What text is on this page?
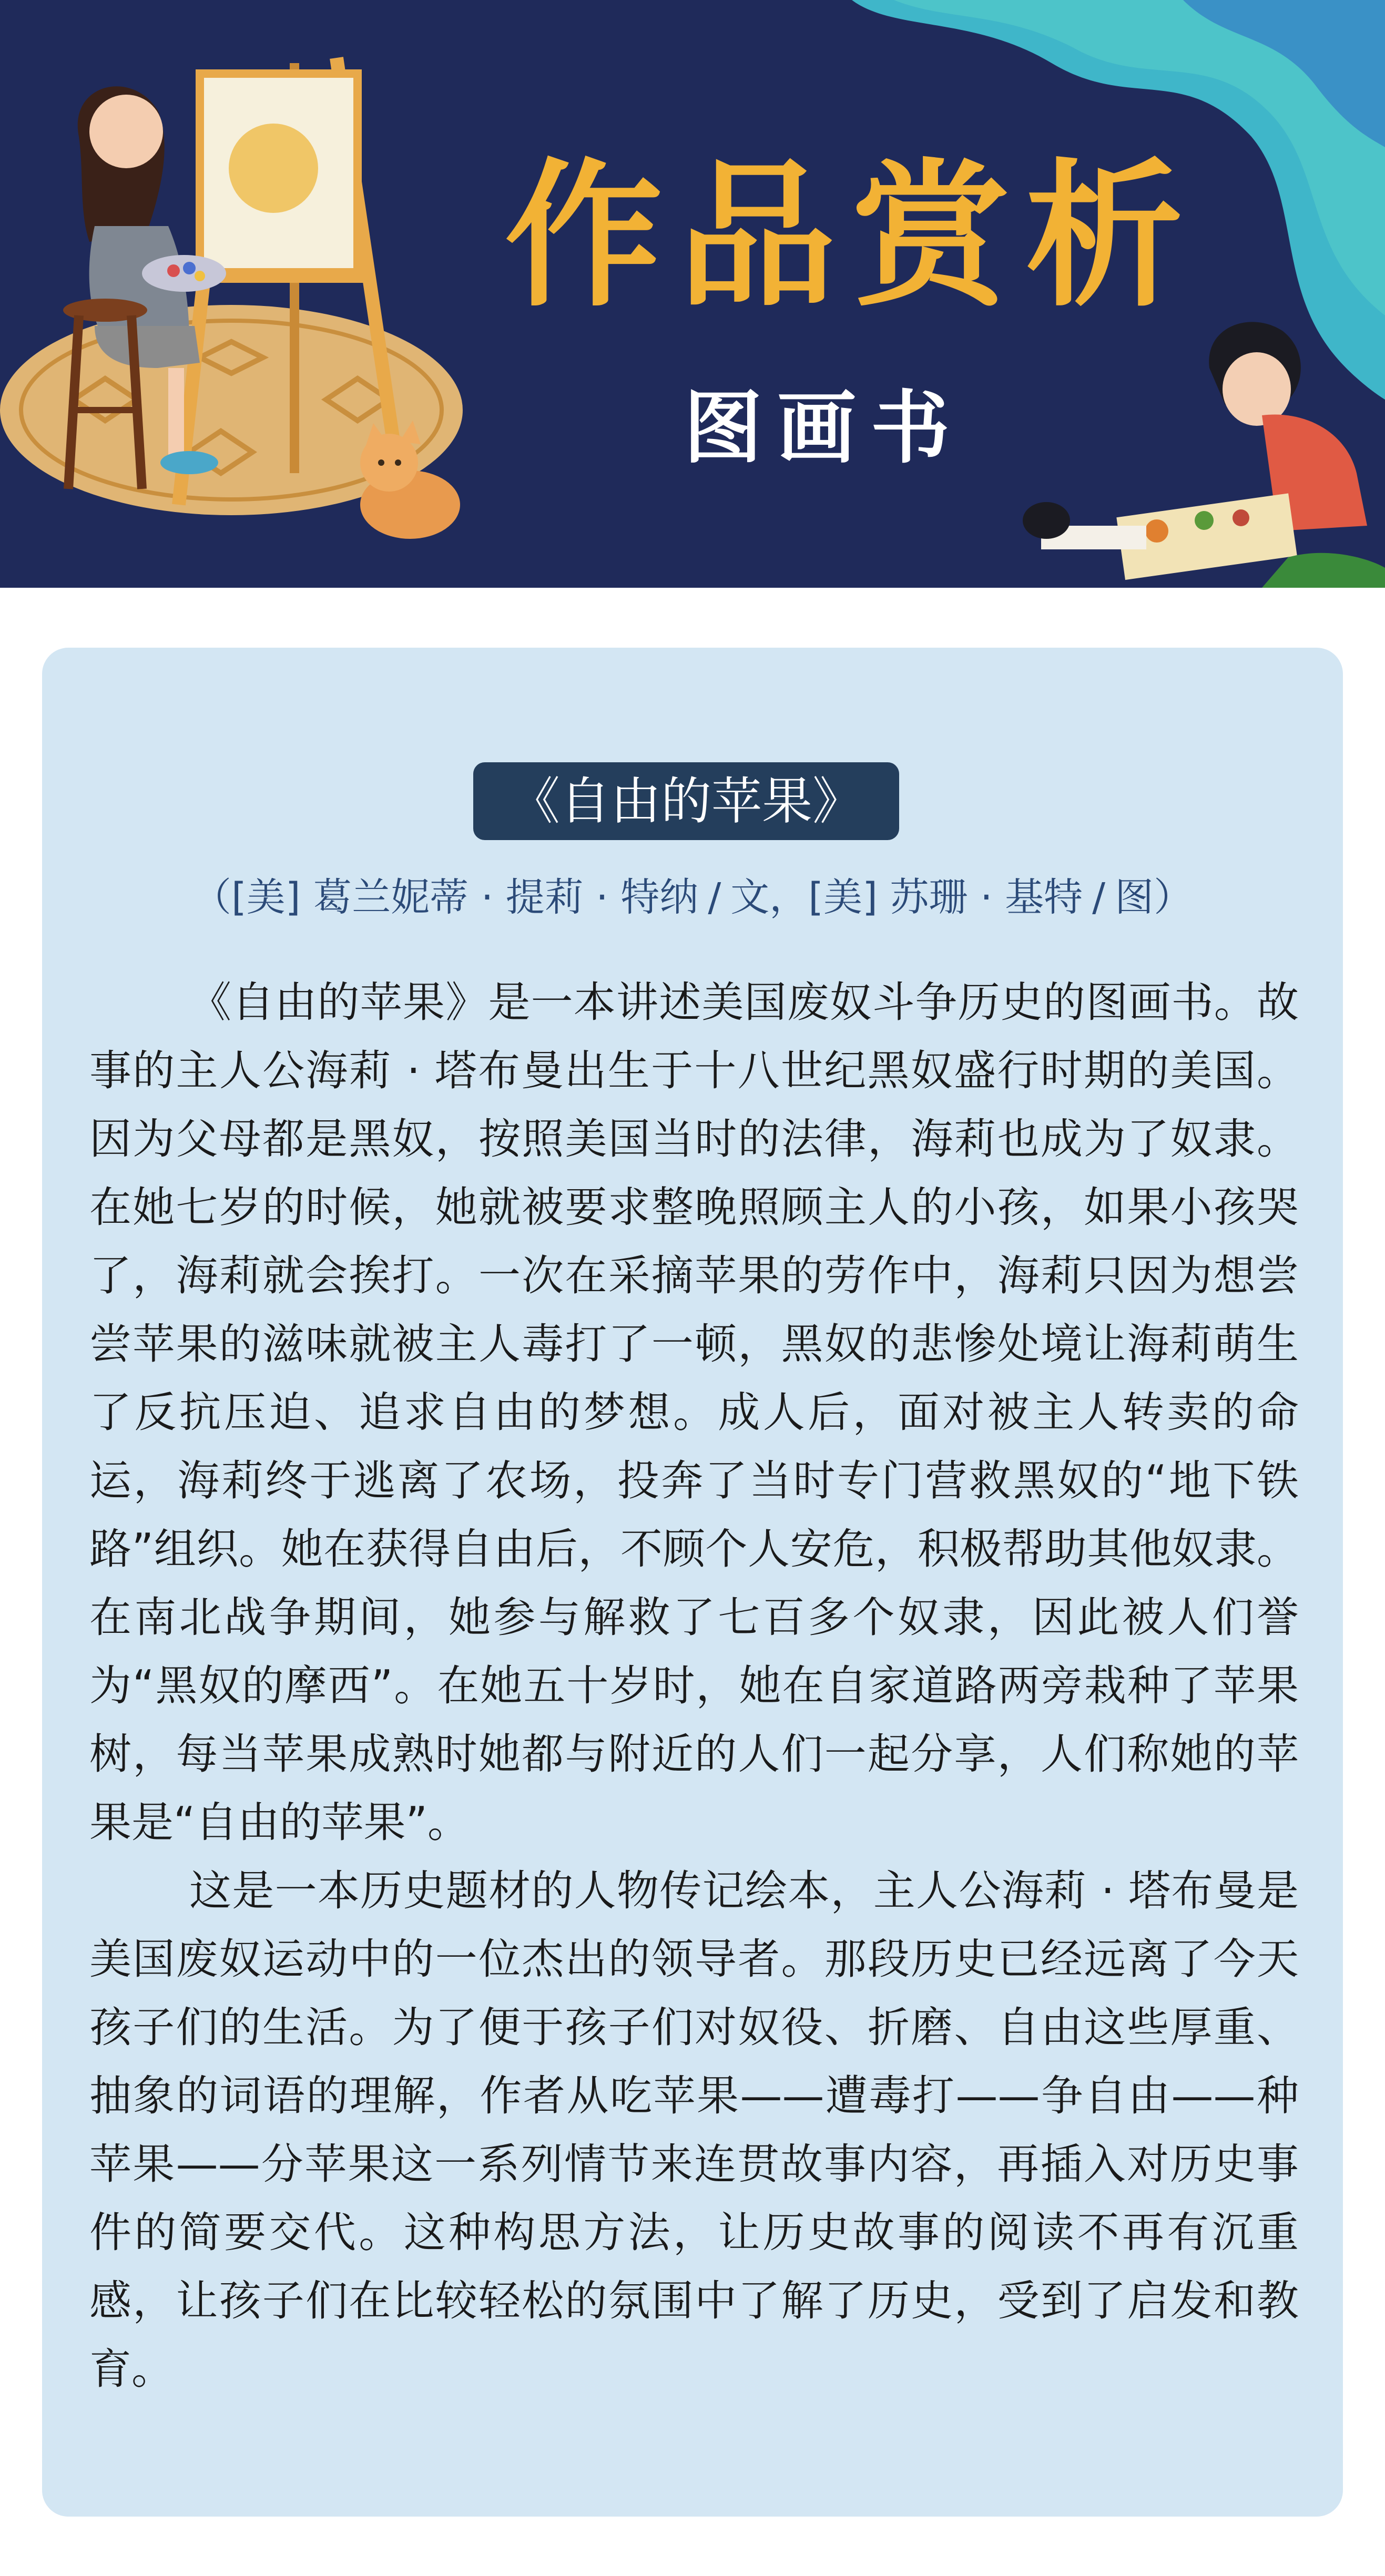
作品赏析
图画书
《自由的苹果》
（[美] 葛兰妮蒂 · 提莉 · 特纳 / 文，[美] 苏珊 · 基特 / 图）

《自由的苹果》是一本讲述美国废奴斗争历史的图画书。故事的主人公海莉 · 塔布曼出生于十八世纪黑奴盛行时期的美国。因为父母都是黑奴，按照美国当时的法律，海莉也成为了奴隶。在她七岁的时候，她就被要求整晚照顾主人的小孩，如果小孩哭了，海莉就会挨打。一次在采摘苹果的劳作中，海莉只因为想尝尝苹果的滋味就被主人毒打了一顿，黑奴的悲惨处境让海莉萌生了反抗压迫、追求自由的梦想。成人后，面对被主人转卖的命运，海莉终于逃离了农场，投奔了当时专门营救黑奴的“地下铁路”组织。她在获得自由后，不顾个人安危，积极帮助其他奴隶。在南北战争期间，她参与解救了七百多个奴隶，因此被人们誉为“黑奴的摩西”。在她五十岁时，她在自家道路两旁栽种了苹果树，每当苹果成熟时她都与附近的人们一起分享，人们称她的苹果是“自由的苹果”。

这是一本历史题材的人物传记绘本，主人公海莉 · 塔布曼是美国废奴运动中的一位杰出的领导者。那段历史已经远离了今天孩子们的生活。为了便于孩子们对奴役、折磨、自由这些厚重、抽象的词语的理解，作者从吃苹果——遭毒打——争自由——种苹果——分苹果这一系列情节来连贯故事内容，再插入对历史事件的简要交代。这种构思方法，让历史故事的阅读不再有沉重感，让孩子们在比较轻松的氛围中了解了历史，受到了启发和教育。
